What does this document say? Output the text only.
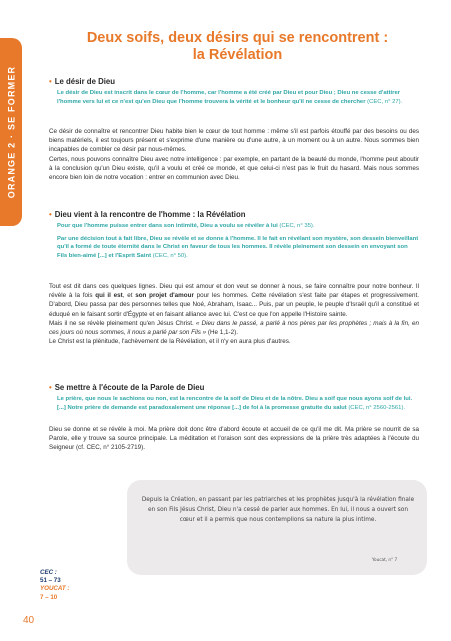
ORANGE 2 · SE FORMER
Deux soifs, deux désirs qui se rencontrent :
la Révélation
• Le désir de Dieu

Le désir de Dieu est inscrit dans le cœur de l'homme, car l'homme a été créé par Dieu et pour Dieu ; Dieu ne cesse d'attirer l'homme vers lui et ce n'est qu'en Dieu que l'homme trouvera la vérité et le bonheur qu'il ne cesse de chercher (CEC, n° 27).

Ce désir de connaître et rencontrer Dieu habite bien le cœur de tout homme : même s'il est parfois étouffé par des besoins ou des biens matériels, il est toujours présent et s'exprime d'une manière ou d'une autre, à un moment ou à un autre. Nous sommes bien incapables de combler ce désir par nous-mêmes.

Certes, nous pouvons connaître Dieu avec notre intelligence : par exemple, en partant de la beauté du monde, l'homme peut aboutir à la conclusion qu'un Dieu existe, qu'il a voulu et créé ce monde, et que celui-ci n'est pas le fruit du hasard. Mais nous sommes encore bien loin de notre vocation : entrer en communion avec Dieu.

• Dieu vient à la rencontre de l'homme : la Révélation

Pour que l'homme puisse entrer dans son intimité, Dieu a voulu se révéler à lui (CEC, n° 35).

Par une décision tout à fait libre, Dieu se révèle et se donne à l'homme. Il le fait en révélant son mystère, son dessein bienveillant qu'il a formé de toute éternité dans le Christ en faveur de tous les hommes. Il révèle pleinement son dessein en envoyant son Fils bien-aimé [...] et l'Esprit Saint (CEC, n° 50).

Tout est dit dans ces quelques lignes. Dieu qui est amour et don veut se donner à nous, se faire connaître pour notre bonheur. Il révèle à la fois qui il est, et son projet d'amour pour les hommes. Cette révélation s'est faite par étapes et progressivement. D'abord, Dieu passa par des personnes telles que Noé, Abraham, Isaac... Puis, par un peuple, le peuple d'Israël qu'il a constitué et éduqué en le faisant sortir d'Égypte et en faisant alliance avec lui. C'est ce que l'on appelle l'Histoire sainte.

Mais il ne se révèle pleinement qu'en Jésus Christ. « Dieu dans le passé, a parlé à nos pères par les prophètes ; mais à la fin, en ces jours où nous sommes, il nous a parlé par son Fils » (He 1,1-2).

Le Christ est la plénitude, l'achèvement de la Révélation, et il n'y en aura plus d'autres.

• Se mettre à l'écoute de la Parole de Dieu

Le prière, que nous le sachions ou non, est la rencontre de la soif de Dieu et de la nôtre. Dieu a soif que nous ayons soif de lui. [...] Notre prière de demande est paradoxalement une réponse [...] de foi à la promesse gratuite du salut (CEC, n° 2560-2561).

Dieu se donne et se révèle à moi. Ma prière doit donc être d'abord écoute et accueil de ce qu'il me dit. Ma prière se nourrit de sa Parole, elle y trouve sa source principale. La méditation et l'oraison sont des expressions de la prière très adaptées à l'écoute du Seigneur (cf. CEC, n° 2105-2719).

Depuis la Création, en passant par les patriarches et les prophètes jusqu'à la révélation finale en son Fils Jésus Christ, Dieu n'a cessé de parler aux hommes. En lui, il nous a ouvert son cœur et il a permis que nous contemplions sa nature la plus intime.
Youcat, n° 7
CEC :
51 – 73
YOUCAT :
7 – 10
40
